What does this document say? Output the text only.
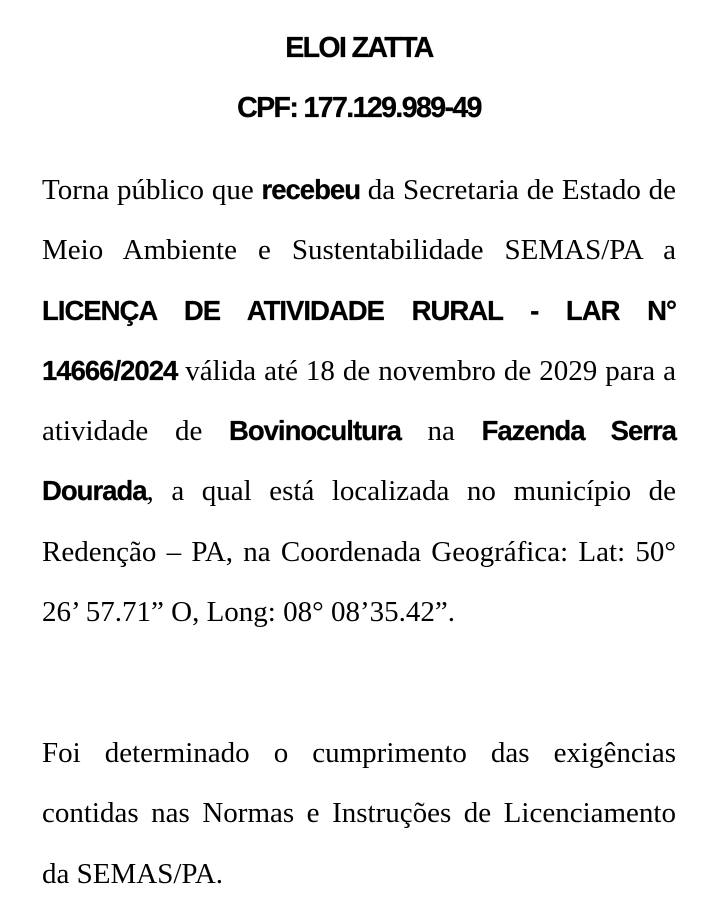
ELOI ZATTA
CPF: 177.129.989-49

Torna público que recebeu da Secretaria de Estado de Meio Ambiente e Sustentabilidade SEMAS/PA a LICENÇA DE ATIVIDADE RURAL - LAR N° 14666/2024 válida até 18 de novembro de 2029 para a atividade de Bovinocultura na Fazenda Serra Dourada, a qual está localizada no município de Redenção – PA, na Coordenada Geográfica: Lat: 50° 26’ 57.71” O, Long: 08° 08’35.42”.

Foi determinado o cumprimento das exigências contidas nas Normas e Instruções de Licenciamento da SEMAS/PA.
